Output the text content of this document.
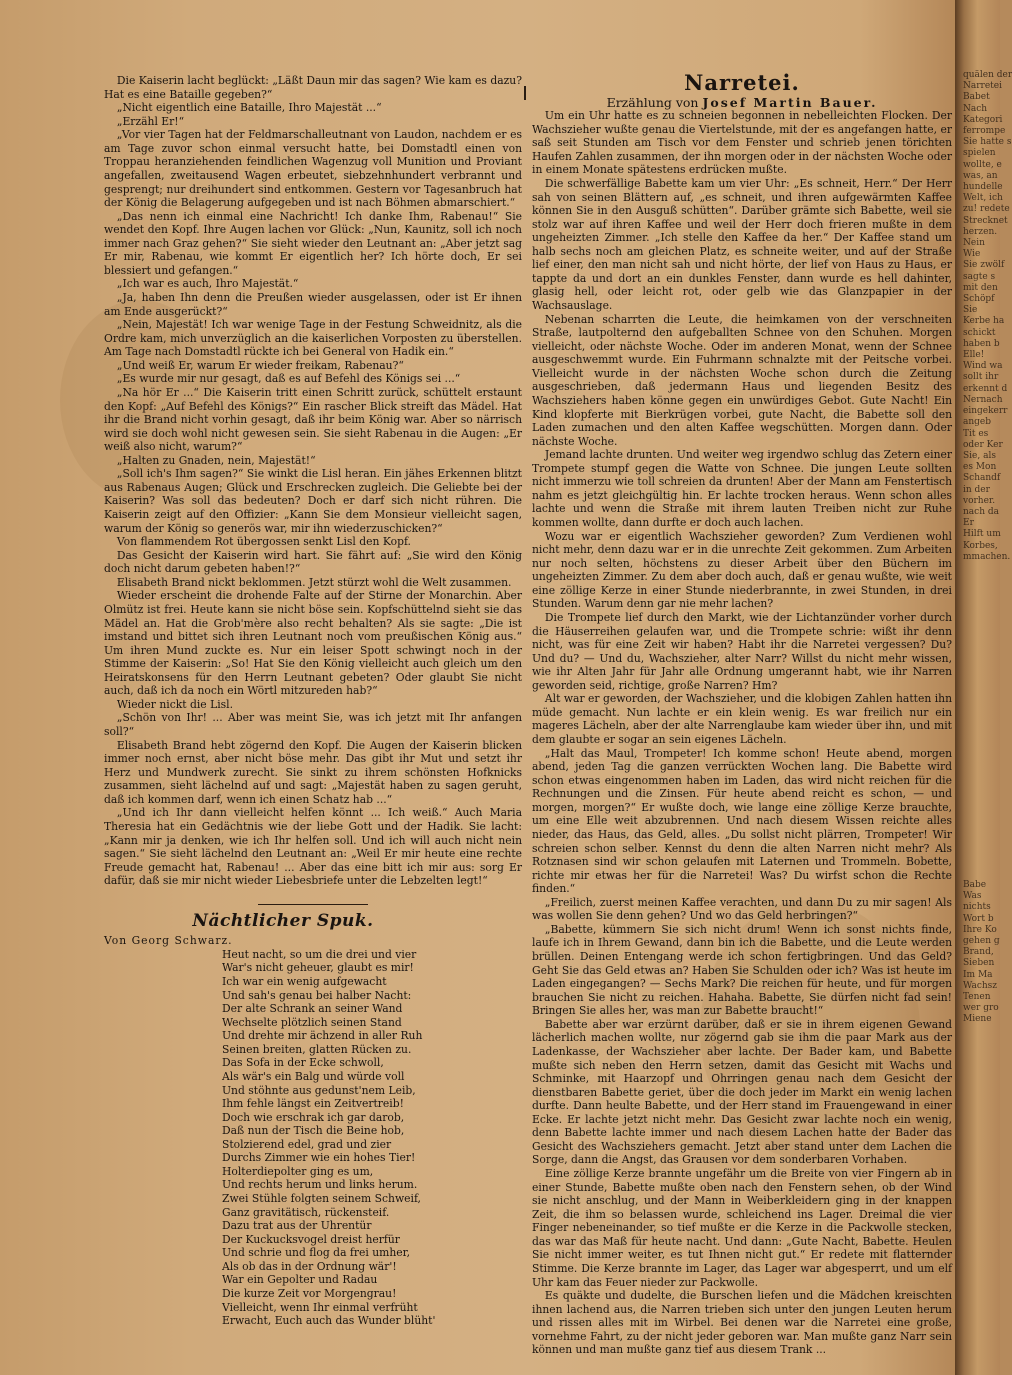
Die Kaiserin lacht beglückt: „Läßt Daun mir das sagen? Wie kam es dazu? Hat es eine Bataille gegeben?“

„Nicht eigentlich eine Bataille, Ihro Majestät ...“

„Erzähl Er!“

„Vor vier Tagen hat der Feldmarschalleutnant von Laudon, nachdem er es am Tage zuvor schon einmal versucht hatte, bei Domstadtl einen von Troppau heranziehenden feindlichen Wagenzug voll Munition und Proviant angefallen, zweitausend Wagen erbeutet, siebzehnhundert verbrannt und gesprengt; nur dreihundert sind entkommen. Gestern vor Tagesanbruch hat der König die Belagerung aufgegeben und ist nach Böhmen abmarschiert.“

„Das nenn ich einmal eine Nachricht! Ich danke Ihm, Rabenau!“ Sie wendet den Kopf. Ihre Augen lachen vor Glück: „Nun, Kaunitz, soll ich noch immer nach Graz gehen?“ Sie sieht wieder den Leutnant an: „Aber jetzt sag Er mir, Rabenau, wie kommt Er eigentlich her? Ich hörte doch, Er sei blessiert und gefangen.“

„Ich war es auch, Ihro Majestät.“

„Ja, haben Ihn denn die Preußen wieder ausgelassen, oder ist Er ihnen am Ende ausgerückt?“

„Nein, Majestät! Ich war wenige Tage in der Festung Schweidnitz, als die Ordre kam, mich unverzüglich an die kaiserlichen Vorposten zu überstellen. Am Tage nach Domstadtl rückte ich bei General von Hadik ein.“

„Und weiß Er, warum Er wieder freikam, Rabenau?“

„Es wurde mir nur gesagt, daß es auf Befehl des Königs sei ...“

„Na hör Er ...“ Die Kaiserin tritt einen Schritt zurück, schüttelt erstaunt den Kopf: „Auf Befehl des Königs?“ Ein rascher Blick streift das Mädel. Hat ihr die Brand nicht vorhin gesagt, daß ihr beim König war. Aber so närrisch wird sie doch wohl nicht gewesen sein. Sie sieht Rabenau in die Augen: „Er weiß also nicht, warum?“

„Halten zu Gnaden, nein, Majestät!“

„Soll ich's Ihm sagen?“ Sie winkt die Lisl heran. Ein jähes Erkennen blitzt aus Rabenaus Augen; Glück und Erschrecken zugleich. Die Geliebte bei der Kaiserin? Was soll das bedeuten? Doch er darf sich nicht rühren. Die Kaiserin zeigt auf den Offizier: „Kann Sie dem Monsieur vielleicht sagen, warum der König so generös war, mir ihn wiederzuschicken?“

Von flammendem Rot übergossen senkt Lisl den Kopf.

Das Gesicht der Kaiserin wird hart. Sie fährt auf: „Sie wird den König doch nicht darum gebeten haben!?“

Elisabeth Brand nickt beklommen. Jetzt stürzt wohl die Welt zusammen.

Wieder erscheint die drohende Falte auf der Stirne der Monarchin. Aber Olmütz ist frei. Heute kann sie nicht böse sein. Kopfschüttelnd sieht sie das Mädel an. Hat die Grob'mère also recht behalten? Als sie sagte: „Die ist imstand und bittet sich ihren Leutnant noch vom preußischen König aus.“ Um ihren Mund zuckte es. Nur ein leiser Spott schwingt noch in der Stimme der Kaiserin: „So! Hat Sie den König vielleicht auch gleich um den Heiratskonsens für den Herrn Leutnant gebeten? Oder glaubt Sie nicht auch, daß ich da noch ein Wörtl mitzureden hab?“

Wieder nickt die Lisl.

„Schön von Ihr! ... Aber was meint Sie, was ich jetzt mit Ihr anfangen soll?“

Elisabeth Brand hebt zögernd den Kopf. Die Augen der Kaiserin blicken immer noch ernst, aber nicht böse mehr. Das gibt ihr Mut und setzt ihr Herz und Mundwerk zurecht. Sie sinkt zu ihrem schönsten Hofknicks zusammen, sieht lächelnd auf und sagt: „Majestät haben zu sagen geruht, daß ich kommen darf, wenn ich einen Schatz hab ...“

„Und ich Ihr dann vielleicht helfen könnt ... Ich weiß.“ Auch Maria Theresia hat ein Gedächtnis wie der liebe Gott und der Hadik. Sie lacht: „Kann mir ja denken, wie ich Ihr helfen soll. Und ich will auch nicht nein sagen.“ Sie sieht lächelnd den Leutnant an: „Weil Er mir heute eine rechte Freude gemacht hat, Rabenau! ... Aber das eine bitt ich mir aus: sorg Er dafür, daß sie mir nicht wieder Liebesbriefe unter die Lebzelten legt!“

Nächtlicher Spuk.

Von Georg Schwarz.

Heut nacht, so um die drei und vier
War's nicht geheuer, glaubt es mir!
Ich war ein wenig aufgewacht
Und sah's genau bei halber Nacht:
Der alte Schrank an seiner Wand
Wechselte plötzlich seinen Stand
Und drehte mir ächzend in aller Ruh
Seinen breiten, glatten Rücken zu.
Das Sofa in der Ecke schwoll,
Als wär's ein Balg und würde voll
Und stöhnte aus gedunst'nem Leib,
Ihm fehle längst ein Zeitvertreib!
Doch wie erschrak ich gar darob,
Daß nun der Tisch die Beine hob,
Stolzierend edel, grad und zier
Durchs Zimmer wie ein hohes Tier!
Holterdiepolter ging es um,
Und rechts herum und links herum.
Zwei Stühle folgten seinem Schweif,
Ganz gravitätisch, rückensteif.
Dazu trat aus der Uhrentür
Der Kuckucksvogel dreist herfür
Und schrie und flog da frei umher,
Als ob das in der Ordnung wär'!
War ein Gepolter und Radau
Die kurze Zeit vor Morgengrau!
Vielleicht, wenn Ihr einmal verfrüht
Erwacht, Euch auch das Wunder blüht'
Narretei.

Erzählung von Josef Martin Bauer.

Um ein Uhr hatte es zu schneien begonnen in nebelleichten Flocken. Der Wachszieher wußte genau die Viertelstunde, mit der es angefangen hatte, er saß seit Stunden am Tisch vor dem Fenster und schrieb jenen törichten Haufen Zahlen zusammen, der ihn morgen oder in der nächsten Woche oder in einem Monate spätestens erdrücken mußte.

Die schwerfällige Babette kam um vier Uhr: „Es schneit, Herr.“ Der Herr sah von seinen Blättern auf, „es schneit, und ihren aufgewärmten Kaffee können Sie in den Ausguß schütten“. Darüber grämte sich Babette, weil sie stolz war auf ihren Kaffee und weil der Herr doch frieren mußte in dem ungeheizten Zimmer. „Ich stelle den Kaffee da her.“ Der Kaffee stand um halb sechs noch am gleichen Platz, es schneite weiter, und auf der Straße lief einer, den man nicht sah und nicht hörte, der lief von Haus zu Haus, er tappte da und dort an ein dunkles Fenster, dann wurde es hell dahinter, glasig hell, oder leicht rot, oder gelb wie das Glanzpapier in der Wachsauslage.

Nebenan scharrten die Leute, die heimkamen von der verschneiten Straße, lautpolternd den aufgeballten Schnee von den Schuhen. Morgen vielleicht, oder nächste Woche. Oder im anderen Monat, wenn der Schnee ausgeschwemmt wurde. Ein Fuhrmann schnalzte mit der Peitsche vorbei. Vielleicht wurde in der nächsten Woche schon durch die Zeitung ausgeschrieben, daß jedermann Haus und liegenden Besitz des Wachsziehers haben könne gegen ein unwürdiges Gebot. Gute Nacht! Ein Kind klopferte mit Bierkrügen vorbei, gute Nacht, die Babette soll den Laden zumachen und den alten Kaffee wegschütten. Morgen dann. Oder nächste Woche.

Jemand lachte drunten. Und weiter weg irgendwo schlug das Zetern einer Trompete stumpf gegen die Watte von Schnee. Die jungen Leute sollten nicht immerzu wie toll schreien da drunten! Aber der Mann am Fenstertisch nahm es jetzt gleichgültig hin. Er lachte trocken heraus. Wenn schon alles lachte und wenn die Straße mit ihrem lauten Treiben nicht zur Ruhe kommen wollte, dann durfte er doch auch lachen.

Wozu war er eigentlich Wachszieher geworden? Zum Verdienen wohl nicht mehr, denn dazu war er in die unrechte Zeit gekommen. Zum Arbeiten nur noch selten, höchstens zu dieser Arbeit über den Büchern im ungeheizten Zimmer. Zu dem aber doch auch, daß er genau wußte, wie weit eine zöllige Kerze in einer Stunde niederbrannte, in zwei Stunden, in drei Stunden. Warum denn gar nie mehr lachen?

Die Trompete lief durch den Markt, wie der Lichtanzünder vorher durch die Häuserreihen gelaufen war, und die Trompete schrie: wißt ihr denn nicht, was für eine Zeit wir haben? Habt ihr die Narretei vergessen? Du? Und du? — Und du, Wachszieher, alter Narr? Willst du nicht mehr wissen, wie ihr Alten Jahr für Jahr alle Ordnung umgerannt habt, wie ihr Narren geworden seid, richtige, große Narren? Hm?

Alt war er geworden, der Wachszieher, und die klobigen Zahlen hatten ihn müde gemacht. Nun lachte er ein klein wenig. Es war freilich nur ein mageres Lächeln, aber der alte Narrenglaube kam wieder über ihn, und mit dem glaubte er sogar an sein eigenes Lächeln.

„Halt das Maul, Trompeter! Ich komme schon! Heute abend, morgen abend, jeden Tag die ganzen verrückten Wochen lang. Die Babette wird schon etwas eingenommen haben im Laden, das wird nicht reichen für die Rechnungen und die Zinsen. Für heute abend reicht es schon, — und morgen, morgen?“ Er wußte doch, wie lange eine zöllige Kerze brauchte, um eine Elle weit abzubrennen. Und nach diesem Wissen reichte alles nieder, das Haus, das Geld, alles. „Du sollst nicht plärren, Trompeter! Wir schreien schon selber. Kennst du denn die alten Narren nicht mehr? Als Rotznasen sind wir schon gelaufen mit Laternen und Trommeln. Bobette, richte mir etwas her für die Narretei! Was? Du wirfst schon die Rechte finden.“

„Freilich, zuerst meinen Kaffee verachten, und dann Du zu mir sagen! Als was wollen Sie denn gehen? Und wo das Geld herbringen?“

„Babette, kümmern Sie sich nicht drum! Wenn ich sonst nichts finde, laufe ich in Ihrem Gewand, dann bin ich die Babette, und die Leute werden brüllen. Deinen Entengang werde ich schon fertigbringen. Und das Geld? Geht Sie das Geld etwas an? Haben Sie Schulden oder ich? Was ist heute im Laden eingegangen? — Sechs Mark? Die reichen für heute, und für morgen brauchen Sie nicht zu reichen. Hahaha. Babette, Sie dürfen nicht fad sein! Bringen Sie alles her, was man zur Babette braucht!“

Babette aber war erzürnt darüber, daß er sie in ihrem eigenen Gewand lächerlich machen wollte, nur zögernd gab sie ihm die paar Mark aus der Ladenkasse, der Wachszieher aber lachte. Der Bader kam, und Babette mußte sich neben den Herrn setzen, damit das Gesicht mit Wachs und Schminke, mit Haarzopf und Ohrringen genau nach dem Gesicht der dienstbaren Babette geriet, über die doch jeder im Markt ein wenig lachen durfte. Dann heulte Babette, und der Herr stand im Frauengewand in einer Ecke. Er lachte jetzt nicht mehr. Das Gesicht zwar lachte noch ein wenig, denn Babette lachte immer und nach diesem Lachen hatte der Bader das Gesicht des Wachsziehers gemacht. Jetzt aber stand unter dem Lachen die Sorge, dann die Angst, das Grausen vor dem sonderbaren Vorhaben.

Eine zöllige Kerze brannte ungefähr um die Breite von vier Fingern ab in einer Stunde, Babette mußte oben nach den Fenstern sehen, ob der Wind sie nicht anschlug, und der Mann in Weiberkleidern ging in der knappen Zeit, die ihm so belassen wurde, schleichend ins Lager. Dreimal die vier Finger nebeneinander, so tief mußte er die Kerze in die Packwolle stecken, das war das Maß für heute nacht. Und dann: „Gute Nacht, Babette. Heulen Sie nicht immer weiter, es tut Ihnen nicht gut.“ Er redete mit flatternder Stimme. Die Kerze brannte im Lager, das Lager war abgesperrt, und um elf Uhr kam das Feuer nieder zur Packwolle.

Es quäkte und dudelte, die Burschen liefen und die Mädchen kreischten ihnen lachend aus, die Narren trieben sich unter den jungen Leuten herum und rissen alles mit im Wirbel. Bei denen war die Narretei eine große, vornehme Fahrt, zu der nicht jeder geboren war. Man mußte ganz Narr sein können und man mußte ganz tief aus diesem Trank ...

quälen der
Narretei
Babet
Nach
Kategori
ferrompe
Sie hatte s
spielen
wollte, e
was, an
hundelle
Welt, ich
zu! redete
Strecknet
herzen.
Nein
Wie
Sie zwölf
sagte s
mit den
Schöpf
Sie
Kerbe ha
schickt
haben b
Elle!
Wind wa
sollt ihr
erkennt d
Nernach
eingekerr
angeb
Tit es
oder Ker
Sie, als
es Mon
Schandf
in der
vorher.
nach da
Er
Hilft um
Korbes,
mmachen.
Babe
Was
nichts
Wort b
Ihre Ko
gehen g
Brand,
Sieben
Im Ma
Wachsz
Tenen
wer gro
Miene
